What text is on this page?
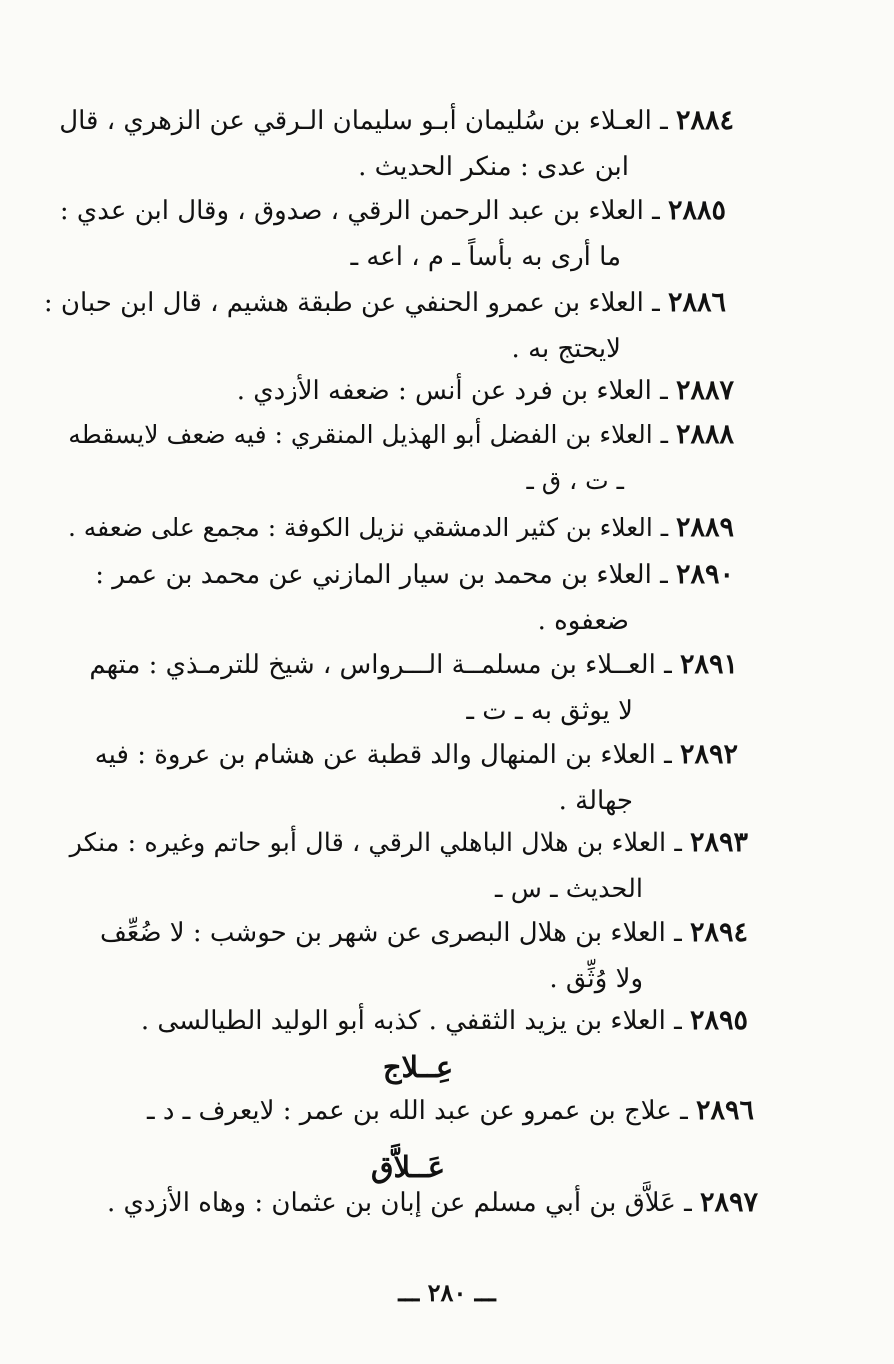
٢٨٨٤ ـ العـلاء بن سُليمان أبـو سليمان الـرقي عن الزهري ، قال
ابن عدى : منكر الحديث .
٢٨٨٥ ـ العلاء بن عبد الرحمن الرقي ، صدوق ، وقال ابن عدي :
ما أرى به بأساً ـ م ، اعه ـ
٢٨٨٦ ـ العلاء بن عمرو الحنفي عن طبقة هشيم ، قال ابن حبان :
لايحتج به .
٢٨٨٧ ـ العلاء بن فرد عن أنس : ضعفه الأزدي .
٢٨٨٨ ـ العلاء بن الفضل أبو الهذيل المنقري : فيه ضعف لايسقطه
ـ ت ، ق ـ
٢٨٨٩ ـ العلاء بن كثير الدمشقي نزيل الكوفة : مجمع على ضعفه .
٢٨٩٠ ـ العلاء بن محمد بن سيار المازني عن محمد بن عمر :
ضعفوه .
٢٨٩١ ـ العــلاء بن مسلمــة الـــرواس ، شيخ للترمـذي : متهم
لا يوثق به ـ ت ـ
٢٨٩٢ ـ العلاء بن المنهال والد قطبة عن هشام بن عروة : فيه
جهالة .
٢٨٩٣ ـ العلاء بن هلال الباهلي الرقي ، قال أبو حاتم وغيره : منكر
الحديث ـ س ـ
٢٨٩٤ ـ العلاء بن هلال البصرى عن شهر بن حوشب : لا ضُعِّف
ولا وُثِّق .
٢٨٩٥ ـ العلاء بن يزيد الثقفي . كذبه أبو الوليد الطيالسى .
عِــلاج
٢٨٩٦ ـ علاج بن عمرو عن عبد الله بن عمر : لايعرف ـ د ـ
عَــلاَّق
٢٨٩٧ ـ عَلاَّق بن أبي مسلم عن إبان بن عثمان : وهاه الأزدي .
ـــ ٢٨٠ ـــ
